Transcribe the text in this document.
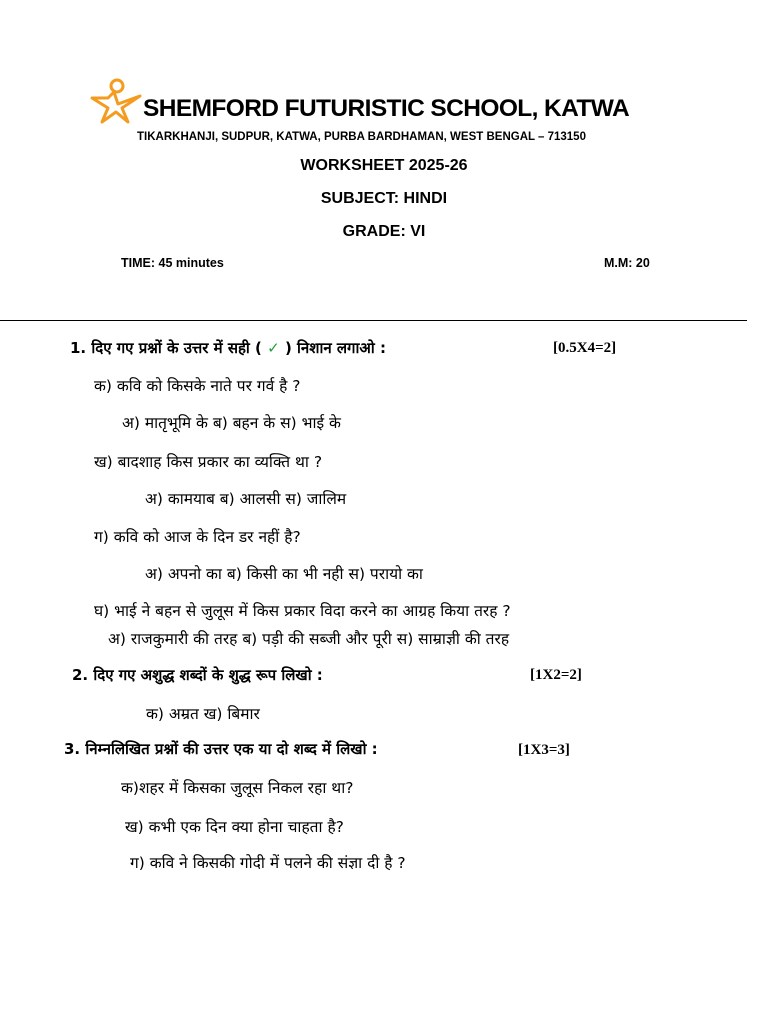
SHEMFORD FUTURISTIC SCHOOL, KATWA
TIKARKHANJI, SUDPUR, KATWA, PURBA BARDHAMAN, WEST BENGAL – 713150
WORKSHEET 2025-26
SUBJECT: HINDI
GRADE: VI
TIME: 45 minutes	M.M: 20
1. दिए गए प्रश्नों के उत्तर में सही ( ✓ ) निशान लगाओ :	[0.5X4=2]
क) कवि को किसके नाते पर गर्व है ?
अ) मातृभूमि के ब) बहन के स) भाई के
ख) बादशाह किस प्रकार का व्यक्ति था ?
अ) कामयाब ब) आलसी स) जालिम
ग) कवि को आज के दिन डर नहीं है?
अ) अपनो का ब) किसी का भी नही स) परायो का
घ) भाई ने बहन से जुलूस में किस प्रकार विदा करने का आग्रह किया तरह ?
अ) राजकुमारी की तरह ब) पड़ी की सब्जी और पूरी स) साम्राज्ञी की तरह
2. दिए गए अशुद्ध शब्दों के शुद्ध रूप लिखो :	[1X2=2]
क) अम्रत ख) बिमार
3. निम्नलिखित प्रश्नों की उत्तर एक या दो शब्द में लिखो :	[1X3=3]
क)शहर में किसका जुलूस निकल रहा था?
ख) कभी एक दिन क्या होना चाहता है?
ग) कवि ने किसकी गोदी में पलने की संज्ञा दी है ?
